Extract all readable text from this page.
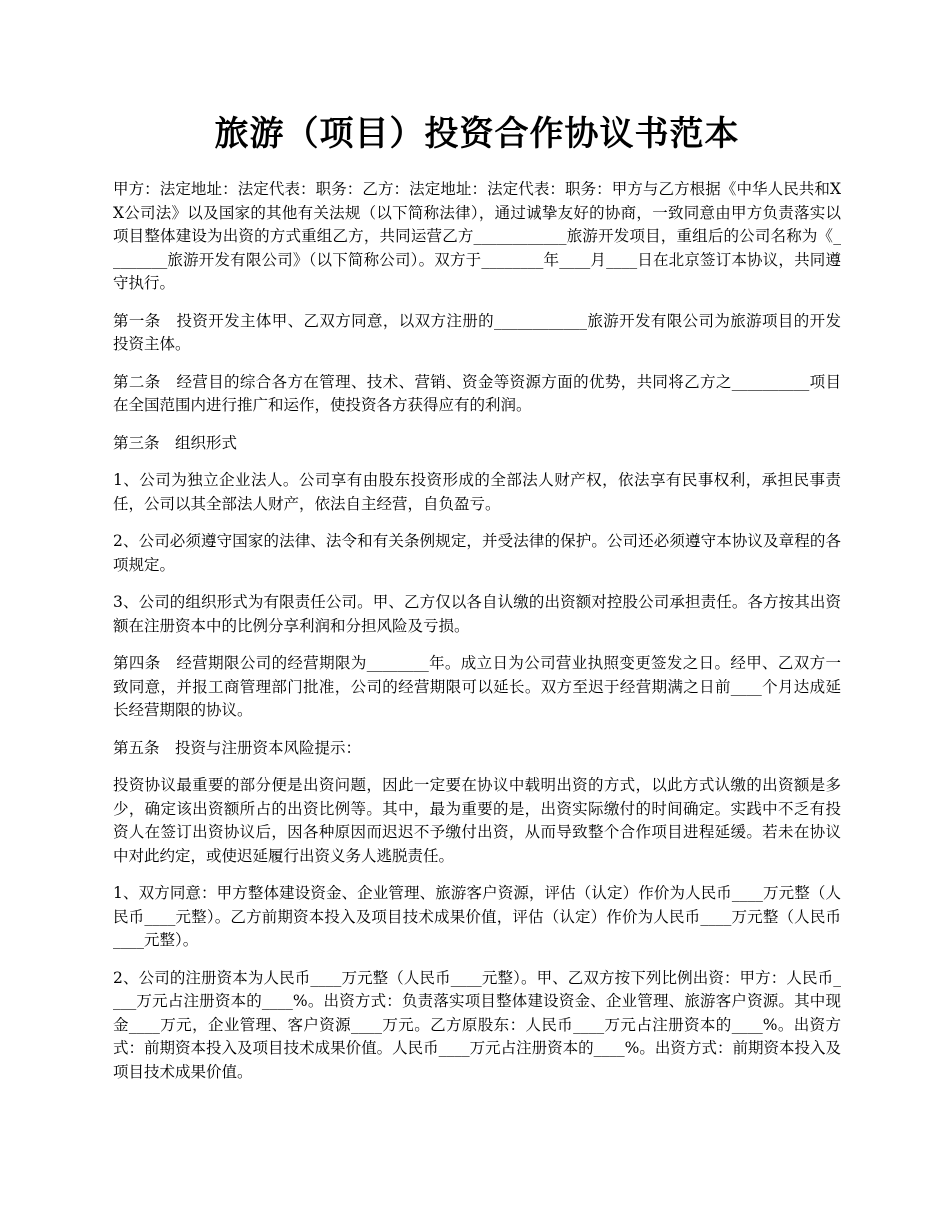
旅游（项目）投资合作协议书范本

甲方：法定地址：法定代表：职务：乙方：法定地址：法定代表：职务：甲方与乙方根据《中华人民共和XX公司法》以及国家的其他有关法规（以下简称法律），通过诚挚友好的协商，一致同意由甲方负责落实以项目整体建设为出资的方式重组乙方，共同运营乙方____________旅游开发项目，重组后的公司名称为《________旅游开发有限公司》（以下简称公司）。双方于________年____月____日在北京签订本协议，共同遵守执行。

第一条　投资开发主体甲、乙双方同意，以双方注册的____________旅游开发有限公司为旅游项目的开发投资主体。

第二条　经营目的综合各方在管理、技术、营销、资金等资源方面的优势，共同将乙方之__________项目在全国范围内进行推广和运作，使投资各方获得应有的利润。

第三条　组织形式

1、公司为独立企业法人。公司享有由股东投资形成的全部法人财产权，依法享有民事权利，承担民事责任，公司以其全部法人财产，依法自主经营，自负盈亏。

2、公司必须遵守国家的法律、法令和有关条例规定，并受法律的保护。公司还必须遵守本协议及章程的各项规定。

3、公司的组织形式为有限责任公司。甲、乙方仅以各自认缴的出资额对控股公司承担责任。各方按其出资额在注册资本中的比例分享利润和分担风险及亏损。

第四条　经营期限公司的经营期限为________年。成立日为公司营业执照变更签发之日。经甲、乙双方一致同意，并报工商管理部门批准，公司的经营期限可以延长。双方至迟于经营期满之日前____个月达成延长经营期限的协议。

第五条　投资与注册资本风险提示：

投资协议最重要的部分便是出资问题，因此一定要在协议中载明出资的方式，以此方式认缴的出资额是多少，确定该出资额所占的出资比例等。其中，最为重要的是，出资实际缴付的时间确定。实践中不乏有投资人在签订出资协议后，因各种原因而迟迟不予缴付出资，从而导致整个合作项目进程延缓。若未在协议中对此约定，或使迟延履行出资义务人逃脱责任。

1、双方同意：甲方整体建设资金、企业管理、旅游客户资源，评估（认定）作价为人民币____万元整（人民币____元整）。乙方前期资本投入及项目技术成果价值，评估（认定）作价为人民币____万元整（人民币____元整）。

2、公司的注册资本为人民币____万元整（人民币____元整）。甲、乙双方按下列比例出资：甲方：人民币____万元占注册资本的____%。出资方式：负责落实项目整体建设资金、企业管理、旅游客户资源。其中现金____万元，企业管理、客户资源____万元。乙方原股东：人民币____万元占注册资本的____%。出资方式：前期资本投入及项目技术成果价值。人民币____万元占注册资本的____%。出资方式：前期资本投入及项目技术成果价值。
